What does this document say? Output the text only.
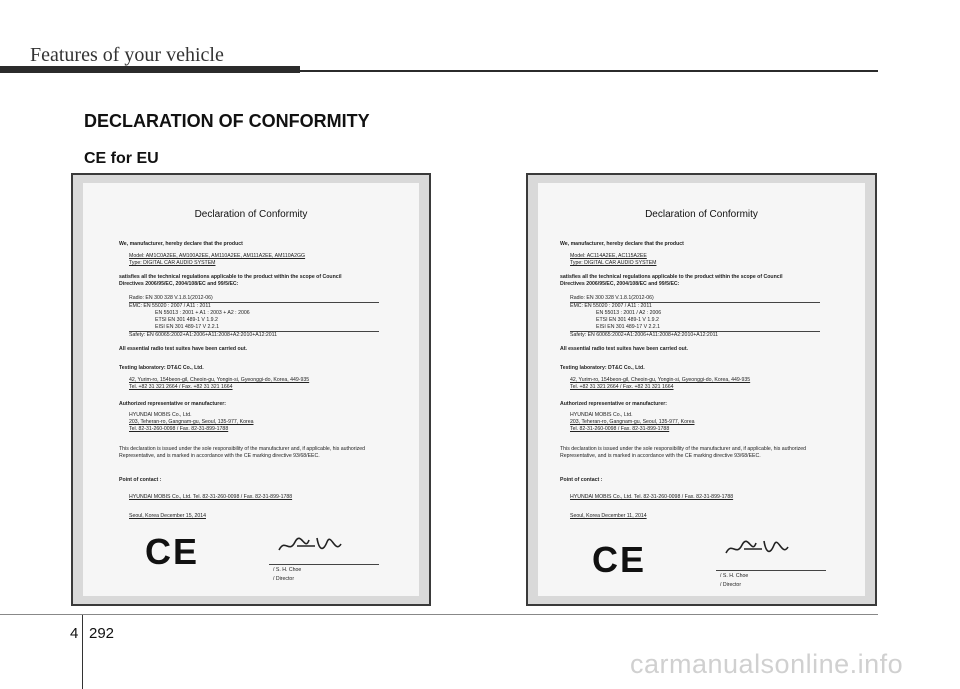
Features of your vehicle
DECLARATION OF CONFORMITY
CE for EU
Declaration of Conformity
We, manufacturer, hereby declare that the product
Model: AM1C0A2EE, AM100A2EE, AM110A2EE, AM111A2EE, AM110A2GG
Type: DIGITAL CAR AUDIO SYSTEM
satisfies all the technical regulations applicable to the product within the scope of Council
Directives 2006/95/EC, 2004/108/EC and 99/5/EC:
Radio: EN 300 328 V.1.8.1(2012-06)
EMC: EN 55020 : 2007 / A11 : 2011
EN 55013 : 2001 + A1 : 2003 + A2 : 2006
ETSI EN 301 489-1 V 1.9.2
EISI EN 301 489-17 V 2.2.1
Safety: EN 60065:2002+A1:2006+A11:2008+A2:2010+A12:2011
All essential radio test suites have been carried out.
Testing laboratory: DT&C Co., Ltd.
42, Yurim-ro, 154beon-gil, Cheoin-gu, Yongin-si, Gyeonggi-do, Korea, 449-935
Tel. +82 31 321 2664 / Fax. +82 31 321 1664
Authorized representative or manufacturer:
HYUNDAI MOBIS Co., Ltd.
203, Teheran-ro, Gangnam-gu, Seoul, 135-977, Korea
Tel. 82-31-260-0098 / Fax. 82-31-899-1788
This declaration is issued under the sole responsibility of the manufacturer and, if applicable, his authorized
Representative, and is marked in accordance with the CE marking directive 93/68/EEC.
Point of contact :
HYUNDAI MOBIS Co., Ltd. Tel. 82-31-260-0098 / Fax. 82-31-899-1788
Seoul, Korea December 15, 2014
CE	/ S. H. Choe
/ Director
Declaration of Conformity
We, manufacturer, hereby declare that the product
Model: AC114A2EE, AC115A2EE
Type: DIGITAL CAR AUDIO SYSTEM
satisfies all the technical regulations applicable to the product within the scope of Council
Directives 2006/95/EC, 2004/108/EC and 99/5/EC:
Radio: EN 300 328 V.1.8.1(2012-06)
EMC: EN 55020 : 2007 / A11 : 2011
EN 55013 : 2001 / A2 : 2006
ETSI EN 301 489-1 V 1.9.2
EISI EN 301 489-17 V 2.2.1
Safety: EN 60065:2002+A1:2006+A11:2008+A2:2010+A12:2011
All essential radio test suites have been carried out.
Testing laboratory: DT&C Co., Ltd.
42, Yurim-ro, 154beon-gil, Cheoin-gu, Yongin-si, Gyeonggi-do, Korea, 449-935
Tel. +82 31 321 2664 / Fax. +82 31 321 1664
Authorized representative or manufacturer:
HYUNDAI MOBIS Co., Ltd.
203, Teheran-ro, Gangnam-gu, Seoul, 135-977, Korea
Tel. 82-31-260-0098 / Fax. 82-31-899-1788
This declaration is issued under the sole responsibility of the manufacturer and, if applicable, his authorized
Representative, and is marked in accordance with the CE marking directive 93/68/EEC.
Point of contact :
HYUNDAI MOBIS Co., Ltd. Tel. 82-31-260-0098 / Fax. 82-31-899-1788
Seoul, Korea December 11, 2014
CE	/ S. H. Choe
/ Director
4 292
carmanualsonline.info
